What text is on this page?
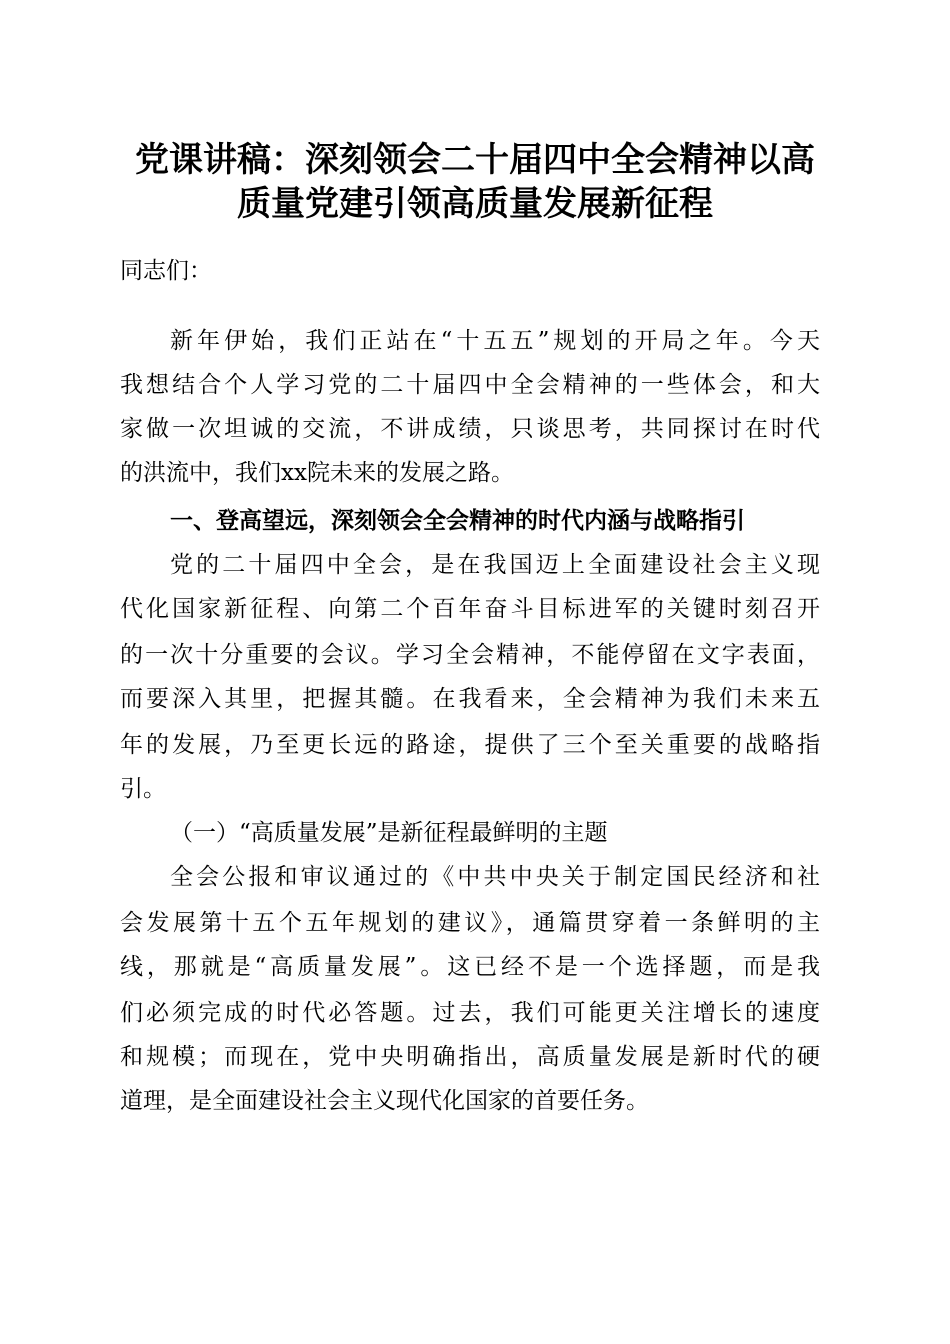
党课讲稿：深刻领会二十届四中全会精神以高
质量党建引领高质量发展新征程

同志们：

新年伊始，我们正站在“十五五”规划的开局之年。今天

我想结合个人学习党的二十届四中全会精神的一些体会，和大

家做一次坦诚的交流，不讲成绩，只谈思考，共同探讨在时代

的洪流中，我们xx院未来的发展之路。

一、登高望远，深刻领会全会精神的时代内涵与战略指引

党的二十届四中全会，是在我国迈上全面建设社会主义现

代化国家新征程、向第二个百年奋斗目标进军的关键时刻召开

的一次十分重要的会议。学习全会精神，不能停留在文字表面，

而要深入其里，把握其髓。在我看来，全会精神为我们未来五

年的发展，乃至更长远的路途，提供了三个至关重要的战略指

引。

（一）“高质量发展”是新征程最鲜明的主题

全会公报和审议通过的《中共中央关于制定国民经济和社

会发展第十五个五年规划的建议》，通篇贯穿着一条鲜明的主

线，那就是“高质量发展”。这已经不是一个选择题，而是我

们必须完成的时代必答题。过去，我们可能更关注增长的速度

和规模；而现在，党中央明确指出，高质量发展是新时代的硬

道理，是全面建设社会主义现代化国家的首要任务。
